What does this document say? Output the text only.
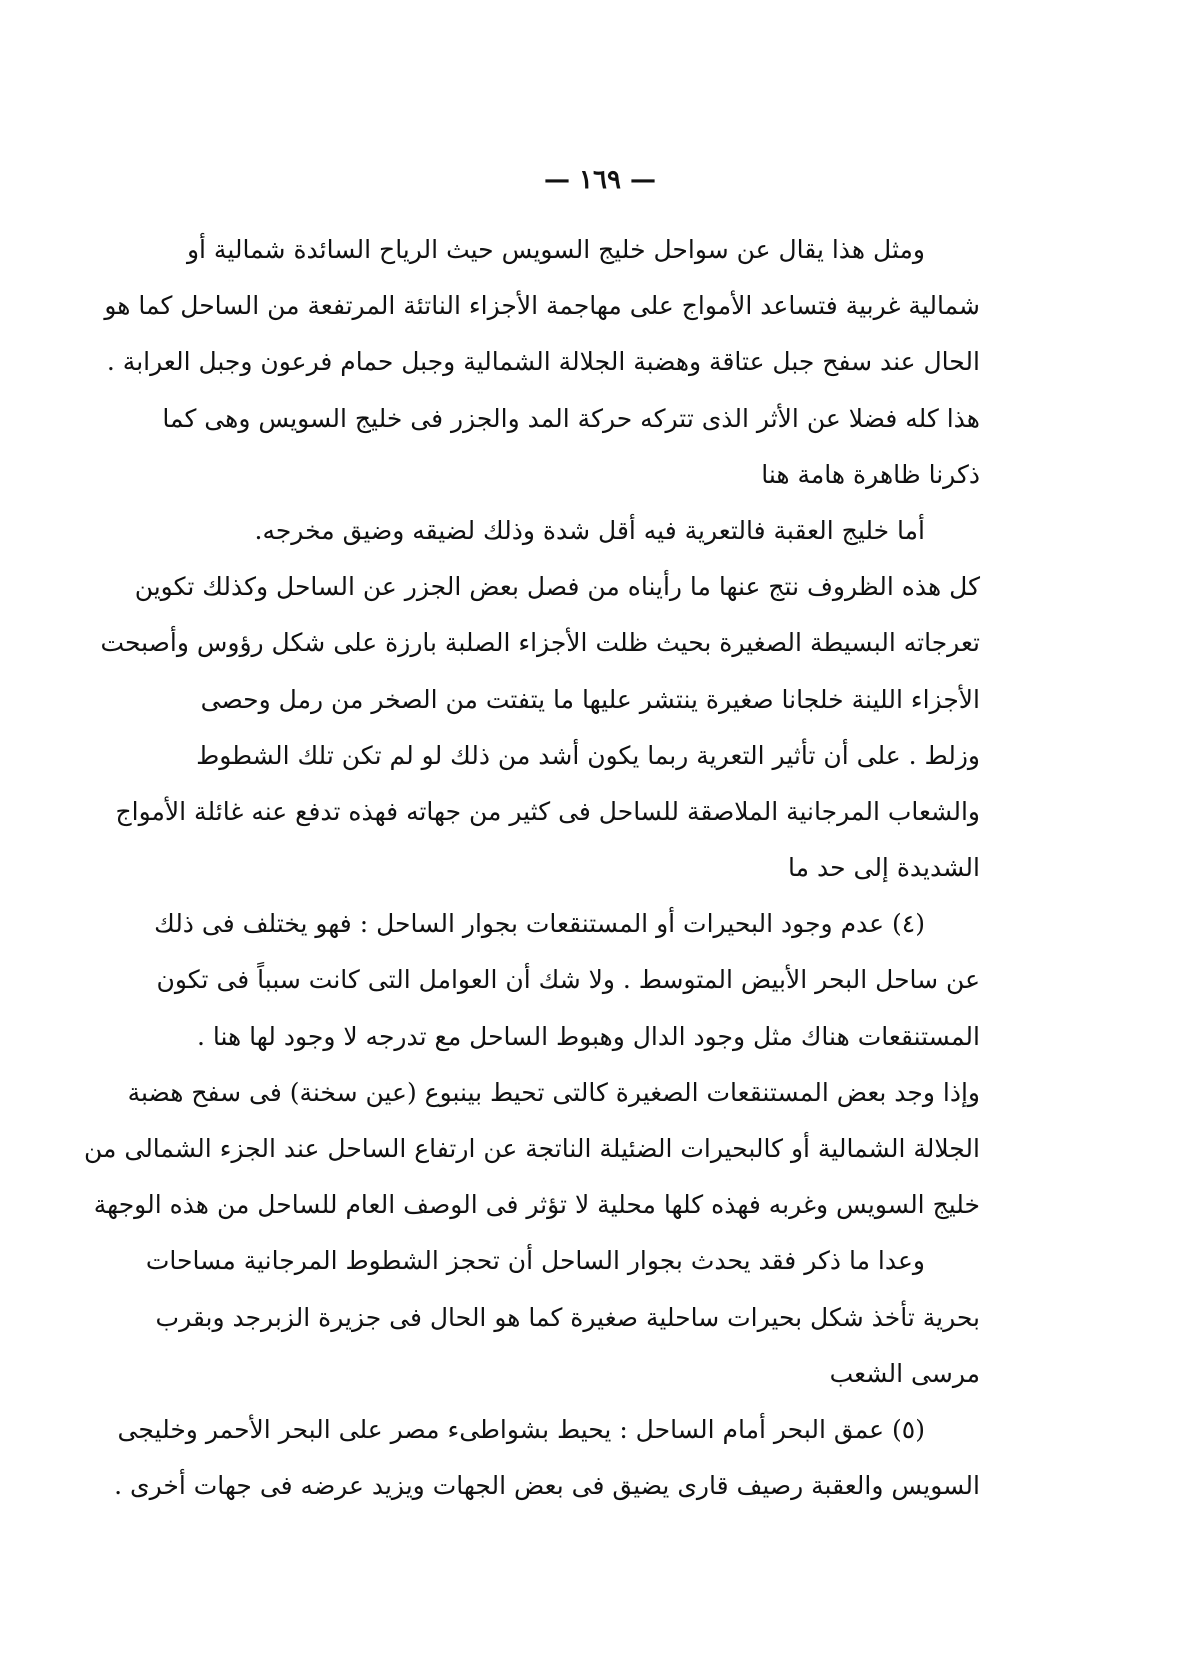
— ١٦٩ —
ومثل هذا يقال عن سواحل خليج السويس حيث الرياح السائدة شمالية أو
شمالية غربية فتساعد الأمواج على مهاجمة الأجزاء الناتئة المرتفعة من الساحل كما هو
الحال عند سفح جبل عتاقة وهضبة الجلالة الشمالية وجبل حمام فرعون وجبل العرابة .
هذا كله فضلا عن الأثر الذى تتركه حركة المد والجزر فى خليج السويس وهى كما
ذكرنا ظاهرة هامة هنا
أما خليج العقبة فالتعرية فيه أقل شدة وذلك لضيقه وضيق مخرجه.
كل هذه الظروف نتج عنها ما رأيناه من فصل بعض الجزر عن الساحل وكذلك تكوين
تعرجاته البسيطة الصغيرة بحيث ظلت الأجزاء الصلبة بارزة على شكل رؤوس وأصبحت
الأجزاء اللينة خلجانا صغيرة ينتشر عليها ما يتفتت من الصخر من رمل وحصى
وزلط . على أن تأثير التعرية ربما يكون أشد من ذلك لو لم تكن تلك الشطوط
والشعاب المرجانية الملاصقة للساحل فى كثير من جهاته فهذه تدفع عنه غائلة الأمواج
الشديدة إلى حد ما
(٤) عدم وجود البحيرات أو المستنقعات بجوار الساحل : فهو يختلف فى ذلك
عن ساحل البحر الأبيض المتوسط . ولا شك أن العوامل التى كانت سبباً فى تكون
المستنقعات هناك مثل وجود الدال وهبوط الساحل مع تدرجه لا وجود لها هنا .
وإذا وجد بعض المستنقعات الصغيرة كالتى تحيط بينبوع (عين سخنة) فى سفح هضبة
الجلالة الشمالية أو كالبحيرات الضئيلة الناتجة عن ارتفاع الساحل عند الجزء الشمالى من
خليج السويس وغربه فهذه كلها محلية لا تؤثر فى الوصف العام للساحل من هذه الوجهة
وعدا ما ذكر فقد يحدث بجوار الساحل أن تحجز الشطوط المرجانية مساحات
بحرية تأخذ شكل بحيرات ساحلية صغيرة كما هو الحال فى جزيرة الزبرجد وبقرب
مرسى الشعب
(٥) عمق البحر أمام الساحل : يحيط بشواطىء مصر على البحر الأحمر وخليجى
السويس والعقبة رصيف قارى يضيق فى بعض الجهات ويزيد عرضه فى جهات أخرى .
